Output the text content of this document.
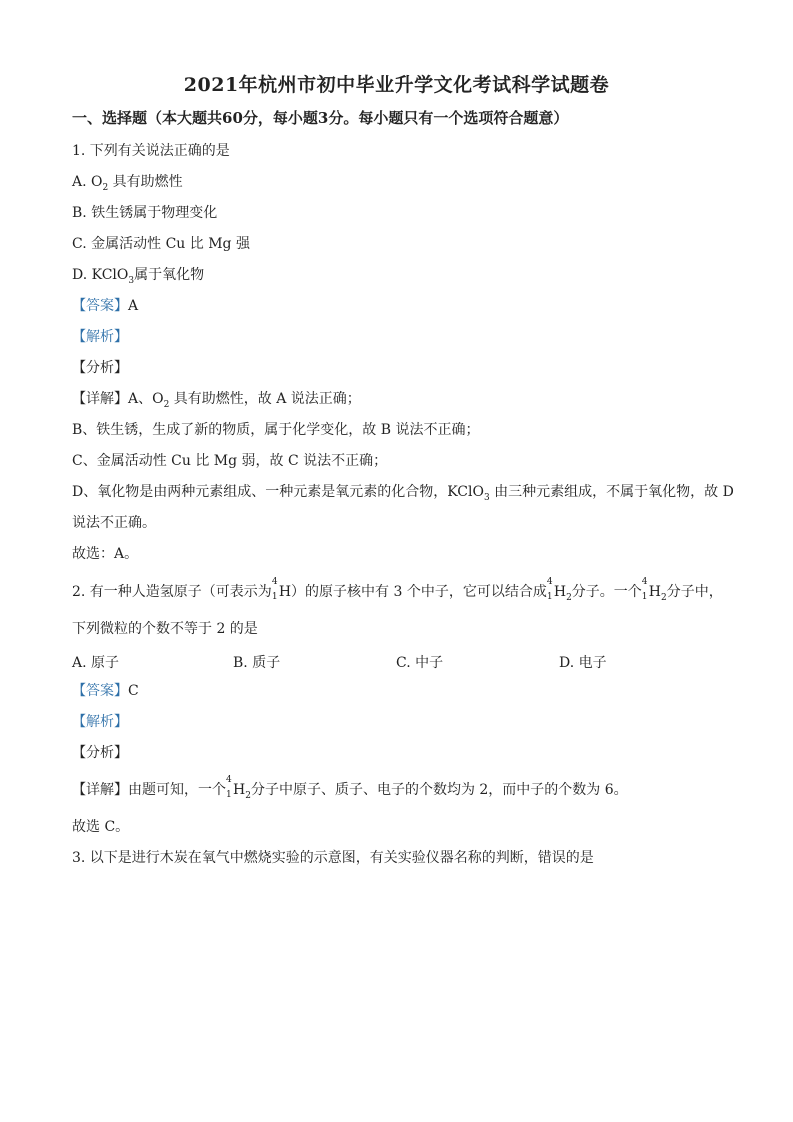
2021年杭州市初中毕业升学文化考试科学试题卷
一、选择题（本大题共60分，每小题3分。每小题只有一个选项符合题意）
1. 下列有关说法正确的是
A. $O_2$ 具有助燃性
B. 铁生锈属于物理变化
C. 金属活动性 Cu 比 Mg 强
D. KClO$_3$属于氧化物
【答案】A
【解析】
【分析】
【详解】A、$O_2$ 具有助燃性，故 A 说法正确；
B、铁生锈，生成了新的物质，属于化学变化，故 B 说法不正确；
C、金属活动性 Cu 比 Mg 弱，故 C 说法不正确；
D、氧化物是由两种元素组成、一种元素是氧元素的化合物，KClO$_3$ 由三种元素组成，不属于氧化物，故 D
说法不正确。
故选：A。
2. 有一种人造氢原子（可表示为
4
1 H）的原子核中有 3 个中子，它可以结合成
4
1 $H_2$分子。一个
4
1 $H_2$分子中，
下列微粒的个数不等于 2 的是
A. 原子	B. 质子	C. 中子	D. 电子
【答案】C
【解析】
【分析】
【详解】由题可知，一个
4
1 $H_2$分子中原子、质子、电子的个数均为 2，而中子的个数为 6。
故选 C。
3. 以下是进行木炭在氧气中燃烧实验的示意图，有关实验仪器名称的判断，错误的是
